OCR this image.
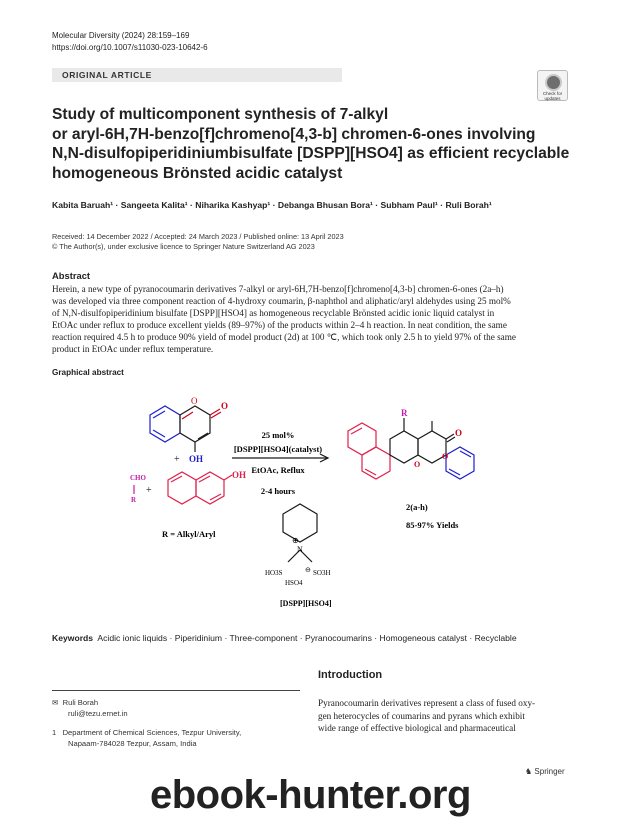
Molecular Diversity (2024) 28:159–169
https://doi.org/10.1007/s11030-023-10642-6
ORIGINAL ARTICLE
Check for
updates
Study of multicomponent synthesis of 7-alkyl
or aryl-6H,7H-benzo[f]chromeno[4,3-b] chromen-6-ones involving
N,N-disulfopiperidiniumbisulfate [DSPP][HSO4] as efficient recyclable
homogeneous Brönsted acidic catalyst
Kabita Baruah¹ · Sangeeta Kalita¹ · Niharika Kashyap¹ · Debanga Bhusan Bora¹ · Subham Paul¹ · Ruli Borah¹
Received: 14 December 2022 / Accepted: 24 March 2023 / Published online: 13 April 2023
© The Author(s), under exclusive licence to Springer Nature Switzerland AG 2023
Abstract
Herein, a new type of pyranocoumarin derivatives 7-alkyl or aryl-6H,7H-benzo[f]chromeno[4,3-b] chromen-6-ones (2a–h)
was developed via three component reaction of 4-hydroxy coumarin, β-naphthol and aliphatic/aryl aldehydes using 25 mol%
of N,N-disulfopiperidinium bisulfate [DSPP][HSO4] as homogeneous recyclable Brönsted acidic ionic liquid catalyst in
EtOAc under reflux to produce excellent yields (89–97%) of the products within 2–4 h reaction. In neat condition, the same
reaction required 4.5 h to produce 90% yield of model product (2d) at 100 ℃, which took only 2.5 h to yield 97% of the same
product in EtOAc under reflux temperature.
Graphical abstract
O	O
OH
+
CHO
R
+
OH
25 mol%
[DSPP][HSO4](catalyst)
EtOAc, Reflux
2-4 hours
R
O
O
O
2(a-h)
85-97% Yields
R = Alkyl/Aryl
⊕
N
HO3S	SO3H
⊖
HSO4
[DSPP][HSO4]
Keywords Acidic ionic liquids · Piperidinium · Three-component · Pyranocoumarins · Homogeneous catalyst · Recyclable
✉ Ruli Borah
ruli@tezu.ernet.in
1 Department of Chemical Sciences, Tezpur University,
Napaam-784028 Tezpur, Assam, India
Introduction
Pyranocoumarin derivatives represent a class of fused oxy-
gen heterocycles of coumarins and pyrans which exhibit
wide range of effective biological and pharmaceutical
♞ Springer
ebook-hunter.org
